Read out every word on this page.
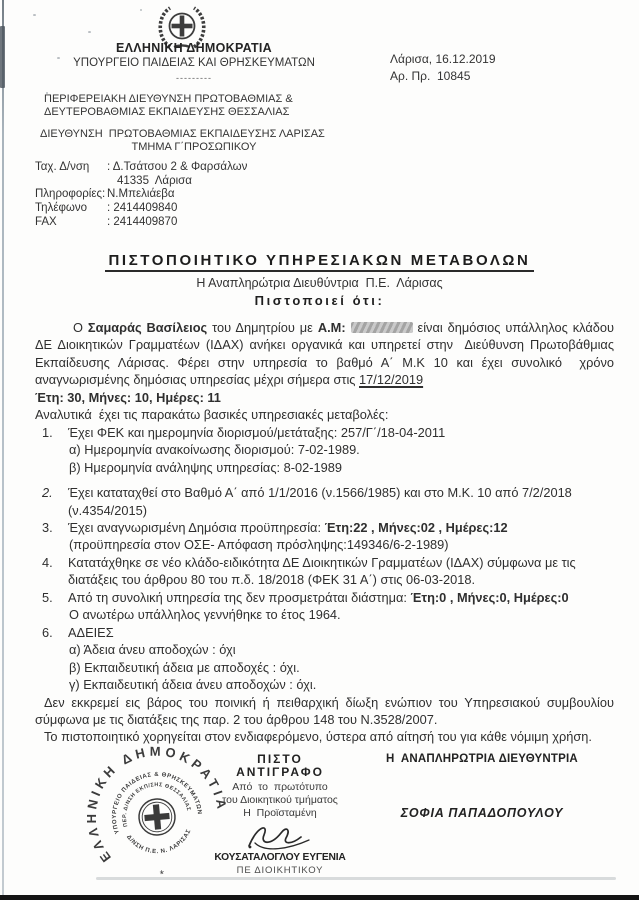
ΕΛΛΗΝΙΚΗ ΔΗΜΟΚΡΑΤΙΑ
ΥΠΟΥΡΓΕΙΟ ΠΑΙΔΕΙΑΣ ΚΑΙ ΘΡΗΣΚΕΥΜΑΤΩΝ
---------
ΠΕΡΙΦΕΡΕΙΑΚΗ ΔΙΕΥΘΥΝΣΗ ΠΡΩΤΟΒΑΘΜΙΑΣ &
ΔΕΥΤΕΡΟΒΑΘΜΙΑΣ ΕΚΠΑΙΔΕΥΣΗΣ ΘΕΣΣΑΛΙΑΣ
ΔΙΕΥΘΥΝΣΗ  ΠΡΩΤΟΒΑΘΜΙΑΣ ΕΚΠΑΙΔΕΥΣΗΣ ΛΑΡΙΣΑΣ
ΤΜΗΜΑ Γ΄ΠΡΟΣΩΠΙΚΟΥ
Λάρισα, 16.12.2019
Αρ. Πρ.  10845
Ταχ. Δ/νση	: Δ.Τσάτσου 2 & Φαρσάλων
41335  Λάρισα
Πληροφορίες: Ν.Μπελιάεβα
Τηλέφωνο	: 2414409840
FAX	: 2414409870
ΠΙΣΤΟΠΟΙΗΤΙΚΟ ΥΠΗΡΕΣΙΑΚΩΝ ΜΕΤΑΒΟΛΩΝ
Η Αναπληρώτρια Διευθύντρια  Π.Ε.  Λάρισας
Πιστοποιεί ότι:

Ο Σαμαράς Βασίλειος του Δημητρίου με Α.Μ:	είναι δημόσιος υπάλληλος κλάδου ΔΕ Διοικητικών Γραμματέων (ΙΔΑΧ) ανήκει οργανικά και υπηρετεί στην  Διεύθυνση Πρωτοβάθμιας Εκπαίδευσης Λάρισας. Φέρει στην υπηρεσία το βαθμό Α΄ Μ.Κ 10 και έχει συνολικό  χρόνο αναγνωρισμένης δημόσιας υπηρεσίας μέχρι σήμερα στις 17/12/2019

Έτη: 30, Μήνες: 10, Ημέρες: 11

Αναλυτικά  έχει τις παρακάτω βασικές υπηρεσιακές μεταβολές:

1.	Έχει ΦΕΚ και ημερομηνία διορισμού/μετάταξης: 257/Γ΄/18-04-2011
α) Ημερομηνία ανακοίνωσης διορισμού: 7-02-1989.
β) Ημερομηνία ανάληψης υπηρεσίας: 8-02-1989
2.	Έχει καταταχθεί στο Βαθμό Α΄ από 1/1/2016 (ν.1566/1985) και στο Μ.Κ. 10 από 7/2/2018 (ν.4354/2015)
3.	Έχει αναγνωρισμένη Δημόσια προϋπηρεσία: Έτη:22 , Μήνες:02 , Ημέρες:12
(προϋπηρεσία στον ΟΣΕ- Απόφαση πρόσληψης:149346/6-2-1989)
4.	Κατατάχθηκε σε νέο κλάδο-ειδικότητα ΔΕ Διοικητικών Γραμματέων (ΙΔΑΧ) σύμφωνα με τις διατάξεις του άρθρου 80 του π.δ. 18/2018 (ΦΕΚ 31 Α΄) στις 06-03-2018.
5.	Από τη συνολική υπηρεσία της δεν προσμετράται διάστημα: Έτη:0 , Μήνες:0, Ημέρες:0
Ο ανωτέρω υπάλληλος γεννήθηκε το έτος 1964.
6.	ΑΔΕΙΕΣ
α) Άδεια άνευ αποδοχών : όχι
β) Εκπαιδευτική άδεια με αποδοχές : όχι.
γ) Εκπαιδευτική άδεια άνευ αποδοχών : όχι.

Δεν εκκρεμεί εις βάρος του ποινική ή πειθαρχική δίωξη ενώπιον του Υπηρεσιακού συμβουλίου σύμφωνα με τις διατάξεις της παρ. 2 του άρθρου 148 του Ν.3528/2007.

Το πιστοποιητικό χορηγείται στον ενδιαφερόμενο, ύστερα από αίτησή του για κάθε νόμιμη χρήση.

ΕΛΛΗΝΙΚΗ ΔΗΜΟΚΡΑΤΙΑ
ΥΠΟΥΡΓΕΙΟ ΠΑΙΔΕΙΑΣ & ΘΡΗΣΚΕΥΜΑΤΩΝ
ΠΕΡ. Δ/ΝΣΗ ΕΚΠ/ΣΗΣ ΘΕΣΣΑΛΙΑΣ
Δ/ΝΣΗ Π.Ε. Ν. ΛΑΡΙΣΑΣ
*
ΠΙΣΤΟ  ΑΝΤΙΓΡΑΦΟ
Από  το  πρωτότυπο
του Διοικητικού τμήματος
Η  Προϊσταμένη
ΚΟΥΣΑΤΑΛΟΓΛΟΥ ΕΥΓΕΝΙΑ
ΠΕ ΔΙΟΙΚΗΤΙΚΟΥ
Η  ΑΝΑΠΛΗΡΩΤΡΙΑ ΔΙΕΥΘΥΝΤΡΙΑ
ΣΟΦΙΑ ΠΑΠΑΔΟΠΟΥΛΟΥ
